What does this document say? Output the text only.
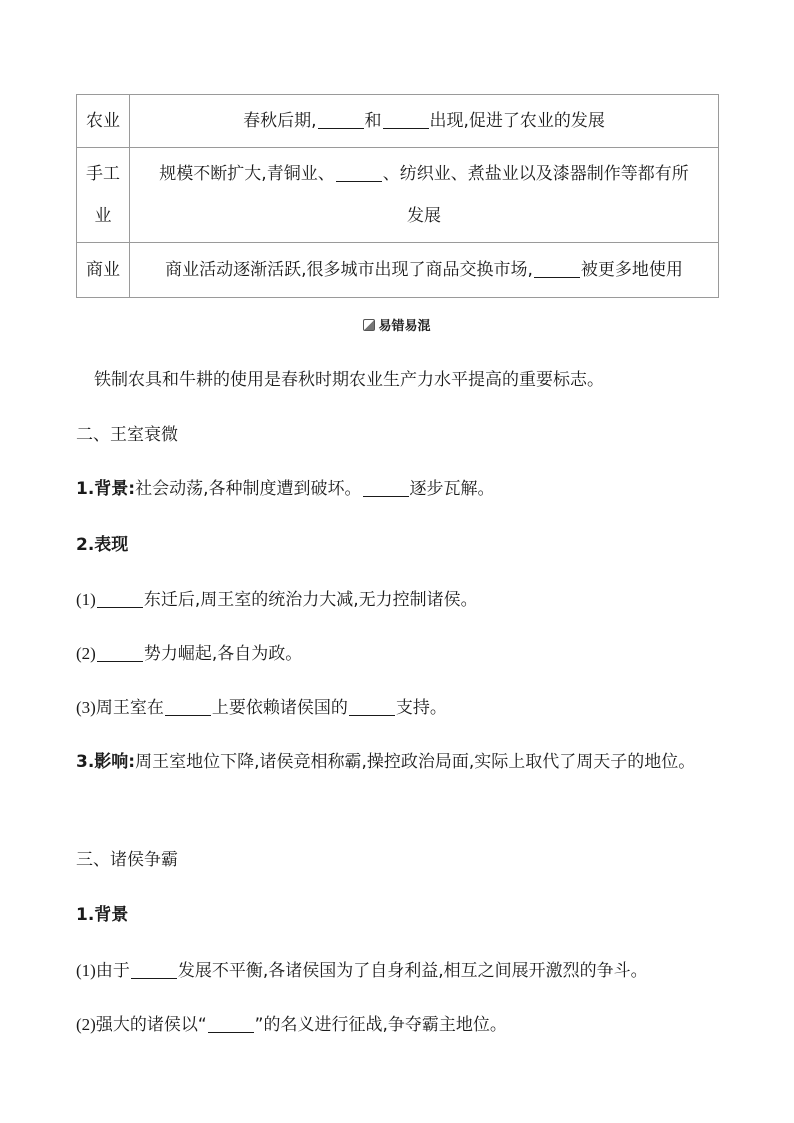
农业	春秋后期, 和 出现,促进了农业的发展
手工
业	规模不断扩大,青铜业、 、纺织业、煮盐业以及漆器制作等都有所
发展
商业	商业活动逐渐活跃,很多城市出现了商品交换市场, 被更多地使用
易错易混
铁制农具和牛耕的使用是春秋时期农业生产力水平提高的重要标志。
二、王室衰微
1.背景:社会动荡,各种制度遭到破坏。	逐步瓦解。
2.表现
(1)	东迁后,周王室的统治力大减,无力控制诸侯。
(2)	势力崛起,各自为政。
(3)周王室在	上要依赖诸侯国的	支持。
3.影响:周王室地位下降,诸侯竞相称霸,操控政治局面,实际上取代了周天子的地位。
三、诸侯争霸
1.背景
(1)由于	发展不平衡,各诸侯国为了自身利益,相互之间展开激烈的争斗。
(2)强大的诸侯以“	”的名义进行征战,争夺霸主地位。
